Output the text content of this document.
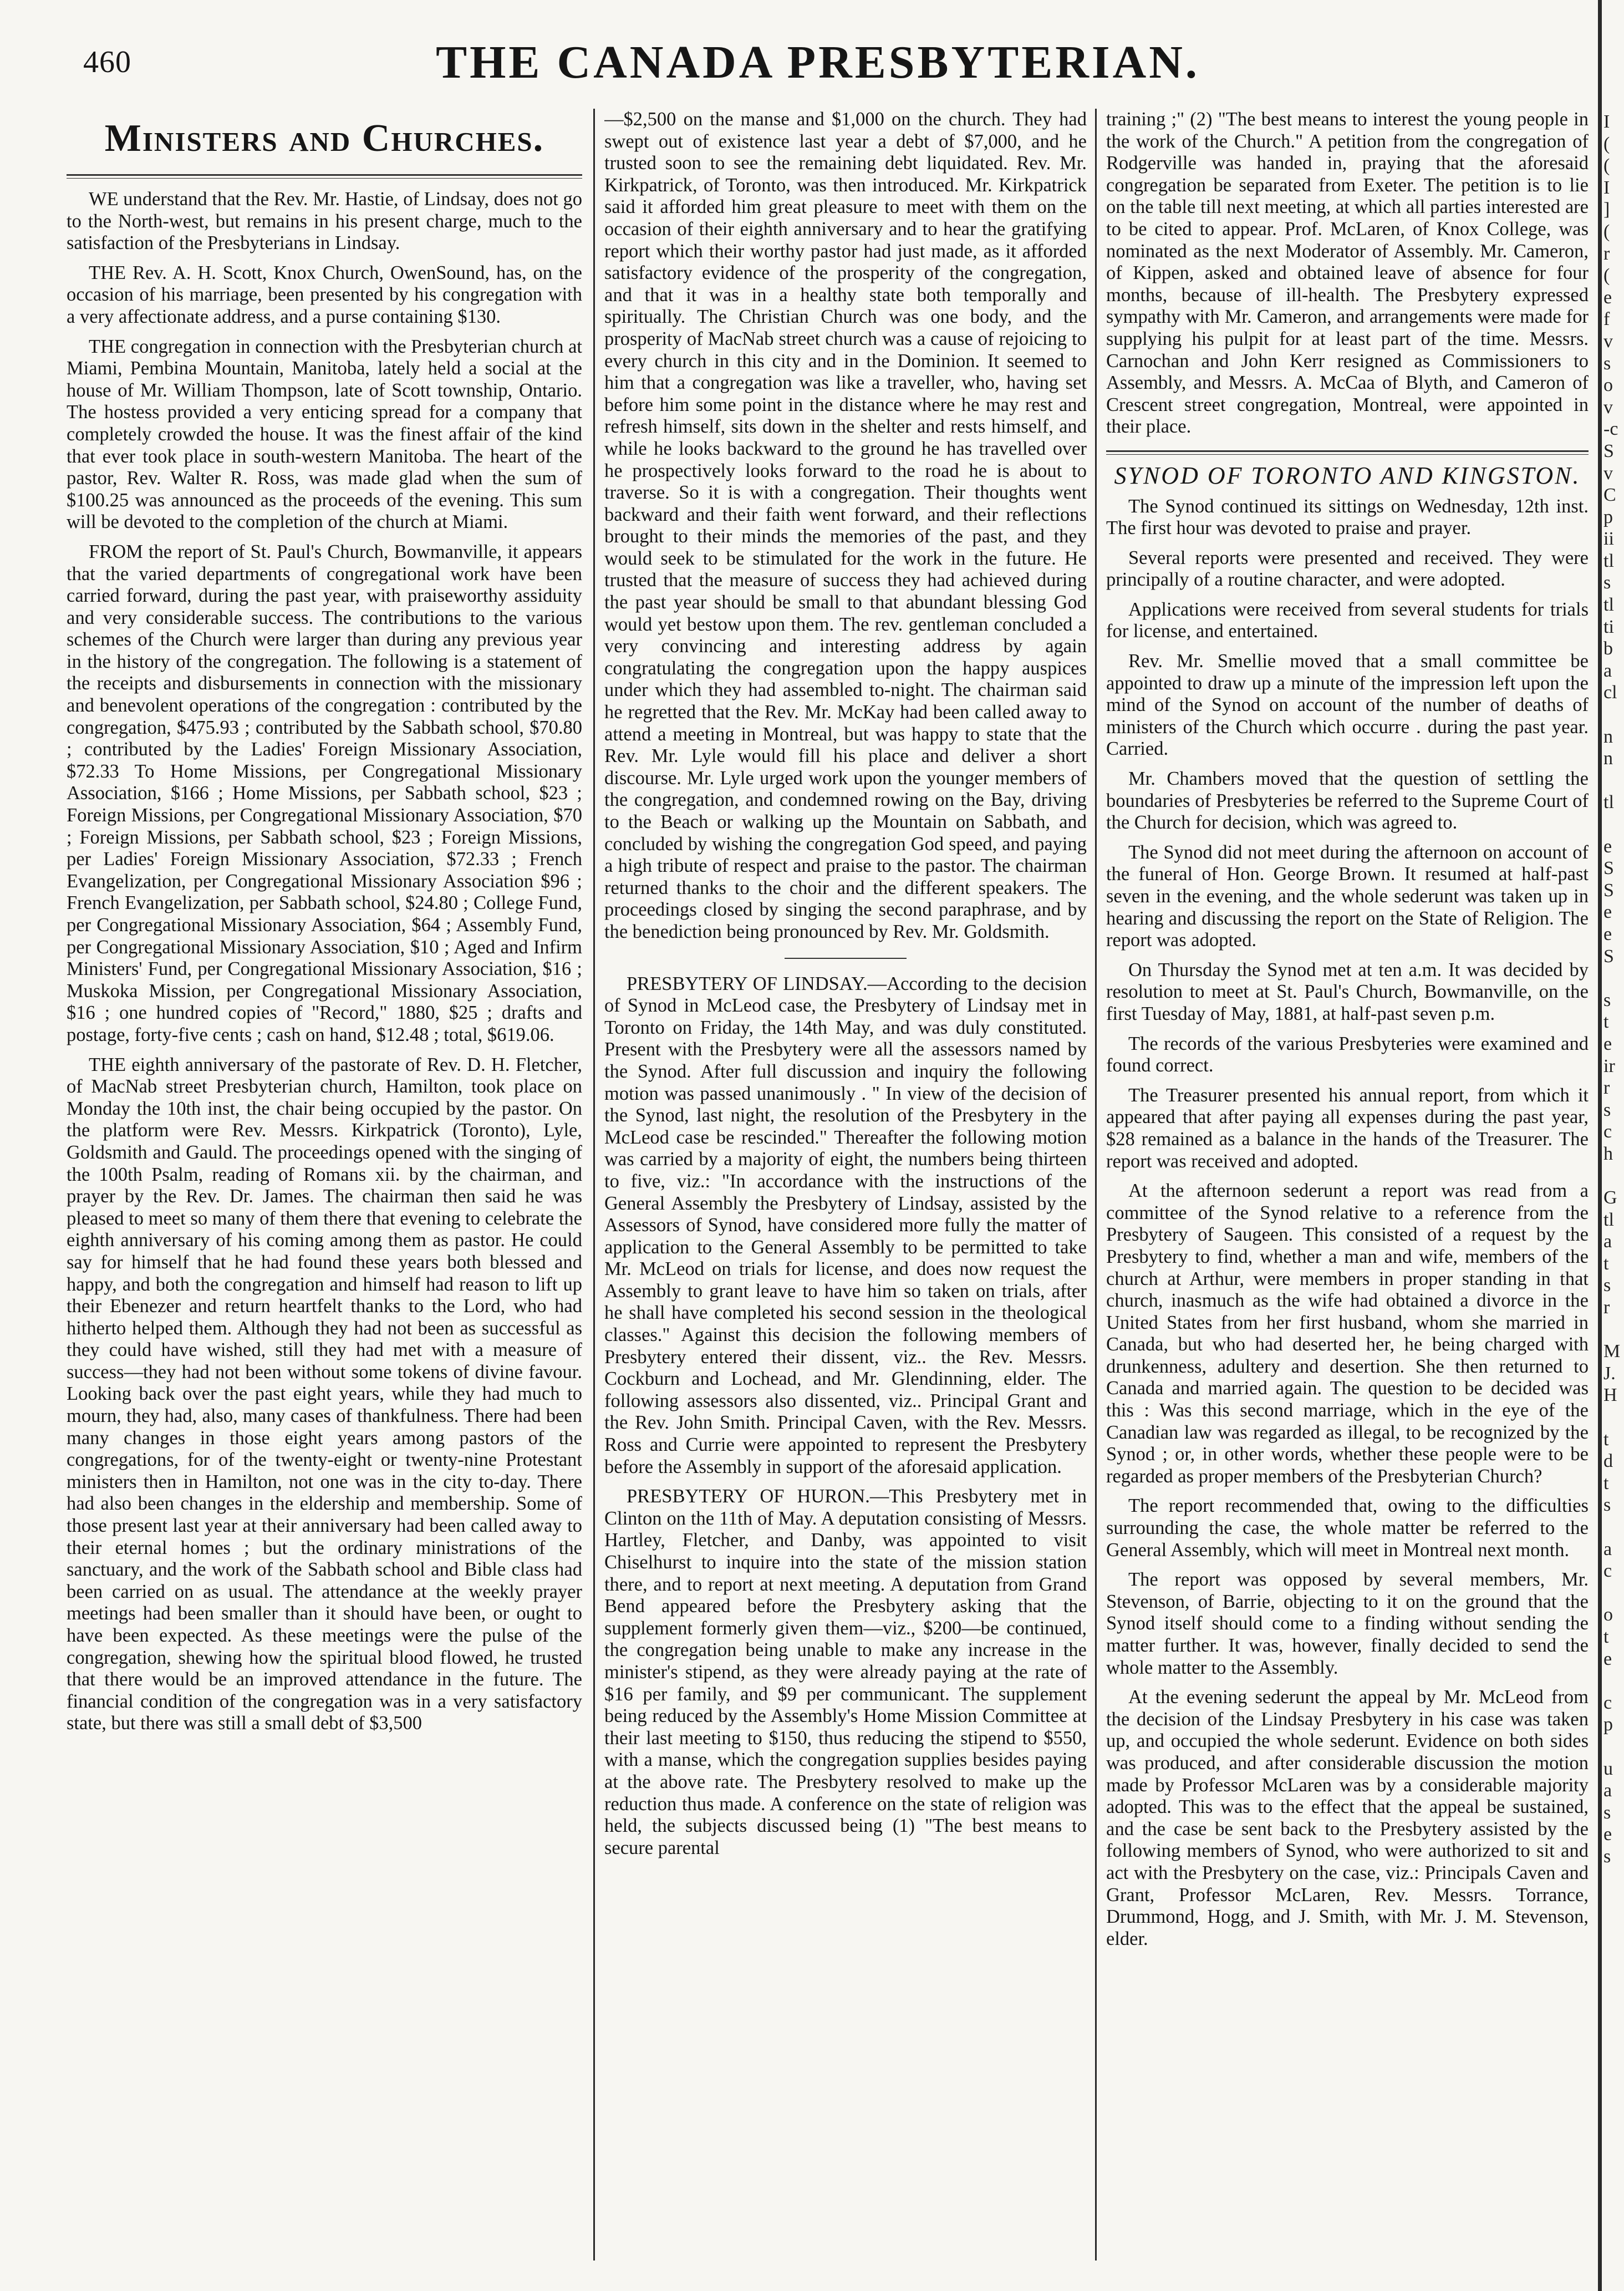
460	THE CANADA PRESBYTERIAN.
Ministers and Churches.

WE understand that the Rev. Mr. Hastie, of Lindsay, does not go to the North-west, but remains in his present charge, much to the satisfaction of the Presbyterians in Lindsay.

THE Rev. A. H. Scott, Knox Church, OwenSound, has, on the occasion of his marriage, been presented by his congregation with a very affectionate address, and a purse containing $130.

THE congregation in connection with the Presbyterian church at Miami, Pembina Mountain, Manitoba, lately held a social at the house of Mr. William Thompson, late of Scott township, Ontario. The hostess provided a very enticing spread for a company that completely crowded the house. It was the finest affair of the kind that ever took place in south-western Manitoba. The heart of the pastor, Rev. Walter R. Ross, was made glad when the sum of $100.25 was announced as the proceeds of the evening. This sum will be devoted to the completion of the church at Miami.

FROM the report of St. Paul's Church, Bowmanville, it appears that the varied departments of congregational work have been carried forward, during the past year, with praiseworthy assiduity and very considerable success. The contributions to the various schemes of the Church were larger than during any previous year in the history of the congregation. The following is a statement of the receipts and disbursements in connection with the missionary and benevolent operations of the congregation : contributed by the congregation, $475.93 ; contributed by the Sabbath school, $70.80 ; contributed by the Ladies' Foreign Missionary Association, $72.33 To Home Missions, per Congregational Missionary Association, $166 ; Home Missions, per Sabbath school, $23 ; Foreign Missions, per Congregational Missionary Association, $70 ; Foreign Missions, per Sabbath school, $23 ; Foreign Missions, per Ladies' Foreign Missionary Association, $72.33 ; French Evangelization, per Congregational Missionary Association $96 ; French Evangelization, per Sabbath school, $24.80 ; College Fund, per Congregational Missionary Association, $64 ; Assembly Fund, per Congregational Missionary Association, $10 ; Aged and Infirm Ministers' Fund, per Congregational Missionary Association, $16 ; Muskoka Mission, per Congregational Missionary Association, $16 ; one hundred copies of "Record," 1880, $25 ; drafts and postage, forty-five cents ; cash on hand, $12.48 ; total, $619.06.

THE eighth anniversary of the pastorate of Rev. D. H. Fletcher, of MacNab street Presbyterian church, Hamilton, took place on Monday the 10th inst, the chair being occupied by the pastor. On the platform were Rev. Messrs. Kirkpatrick (Toronto), Lyle, Goldsmith and Gauld. The proceedings opened with the singing of the 100th Psalm, reading of Romans xii. by the chairman, and prayer by the Rev. Dr. James. The chairman then said he was pleased to meet so many of them there that evening to celebrate the eighth anniversary of his coming among them as pastor. He could say for himself that he had found these years both blessed and happy, and both the congregation and himself had reason to lift up their Ebenezer and return heartfelt thanks to the Lord, who had hitherto helped them. Although they had not been as successful as they could have wished, still they had met with a measure of success—they had not been without some tokens of divine favour. Looking back over the past eight years, while they had much to mourn, they had, also, many cases of thankfulness. There had been many changes in those eight years among pastors of the congregations, for of the twenty-eight or twenty-nine Protestant ministers then in Hamilton, not one was in the city to-day. There had also been changes in the eldership and membership. Some of those present last year at their anniversary had been called away to their eternal homes ; but the ordinary ministrations of the sanctuary, and the work of the Sabbath school and Bible class had been carried on as usual. The attendance at the weekly prayer meetings had been smaller than it should have been, or ought to have been expected. As these meetings were the pulse of the congregation, shewing how the spiritual blood flowed, he trusted that there would be an improved attendance in the future. The financial condition of the congregation was in a very satisfactory state, but there was still a small debt of $3,500

—$2,500 on the manse and $1,000 on the church. They had swept out of existence last year a debt of $7,000, and he trusted soon to see the remaining debt liquidated. Rev. Mr. Kirkpatrick, of Toronto, was then introduced. Mr. Kirkpatrick said it afforded him great pleasure to meet with them on the occasion of their eighth anniversary and to hear the gratifying report which their worthy pastor had just made, as it afforded satisfactory evidence of the prosperity of the congregation, and that it was in a healthy state both temporally and spiritually. The Christian Church was one body, and the prosperity of MacNab street church was a cause of rejoicing to every church in this city and in the Dominion. It seemed to him that a congregation was like a traveller, who, having set before him some point in the distance where he may rest and refresh himself, sits down in the shelter and rests himself, and while he looks backward to the ground he has travelled over he prospectively looks forward to the road he is about to traverse. So it is with a congregation. Their thoughts went backward and their faith went forward, and their reflections brought to their minds the memories of the past, and they would seek to be stimulated for the work in the future. He trusted that the measure of success they had achieved during the past year should be small to that abundant blessing God would yet bestow upon them. The rev. gentleman concluded a very convincing and interesting address by again congratulating the congregation upon the happy auspices under which they had assembled to-night. The chairman said he regretted that the Rev. Mr. McKay had been called away to attend a meeting in Montreal, but was happy to state that the Rev. Mr. Lyle would fill his place and deliver a short discourse. Mr. Lyle urged work upon the younger members of the congregation, and condemned rowing on the Bay, driving to the Beach or walking up the Mountain on Sabbath, and concluded by wishing the congregation God speed, and paying a high tribute of respect and praise to the pastor. The chairman returned thanks to the choir and the different speakers. The proceedings closed by singing the second paraphrase, and by the benediction being pronounced by Rev. Mr. Goldsmith.

PRESBYTERY OF LINDSAY.—According to the decision of Synod in McLeod case, the Presbytery of Lindsay met in Toronto on Friday, the 14th May, and was duly constituted. Present with the Presbytery were all the assessors named by the Synod. After full discussion and inquiry the following motion was passed unanimously . " In view of the decision of the Synod, last night, the resolution of the Presbytery in the McLeod case be rescinded." Thereafter the following motion was carried by a majority of eight, the numbers being thirteen to five, viz.: "In accordance with the instructions of the General Assembly the Presbytery of Lindsay, assisted by the Assessors of Synod, have considered more fully the matter of application to the General Assembly to be permitted to take Mr. McLeod on trials for license, and does now request the Assembly to grant leave to have him so taken on trials, after he shall have completed his second session in the theological classes." Against this decision the following members of Presbytery entered their dissent, viz.. the Rev. Messrs. Cockburn and Lochead, and Mr. Glendinning, elder. The following assessors also dissented, viz.. Principal Grant and the Rev. John Smith. Principal Caven, with the Rev. Messrs. Ross and Currie were appointed to represent the Presbytery before the Assembly in support of the aforesaid application.

PRESBYTERY OF HURON.—This Presbytery met in Clinton on the 11th of May. A deputation consisting of Messrs. Hartley, Fletcher, and Danby, was appointed to visit Chiselhurst to inquire into the state of the mission station there, and to report at next meeting. A deputation from Grand Bend appeared before the Presbytery asking that the supplement formerly given them—viz., $200—be continued, the congregation being unable to make any increase in the minister's stipend, as they were already paying at the rate of $16 per family, and $9 per communicant. The supplement being reduced by the Assembly's Home Mission Committee at their last meeting to $150, thus reducing the stipend to $550, with a manse, which the congregation supplies besides paying at the above rate. The Presbytery resolved to make up the reduction thus made. A conference on the state of religion was held, the subjects discussed being (1) "The best means to secure parental

training ;" (2) "The best means to interest the young people in the work of the Church." A petition from the congregation of Rodgerville was handed in, praying that the aforesaid congregation be separated from Exeter. The petition is to lie on the table till next meeting, at which all parties interested are to be cited to appear. Prof. McLaren, of Knox College, was nominated as the next Moderator of Assembly. Mr. Cameron, of Kippen, asked and obtained leave of absence for four months, because of ill-health. The Presbytery expressed sympathy with Mr. Cameron, and arrangements were made for supplying his pulpit for at least part of the time. Messrs. Carnochan and John Kerr resigned as Commissioners to Assembly, and Messrs. A. McCaa of Blyth, and Cameron of Crescent street congregation, Montreal, were appointed in their place.

SYNOD OF TORONTO AND KINGSTON.

The Synod continued its sittings on Wednesday, 12th inst. The first hour was devoted to praise and prayer.

Several reports were presented and received. They were principally of a routine character, and were adopted.

Applications were received from several students for trials for license, and entertained.

Rev. Mr. Smellie moved that a small committee be appointed to draw up a minute of the impression left upon the mind of the Synod on account of the number of deaths of ministers of the Church which occurre . during the past year. Carried.

Mr. Chambers moved that the question of settling the boundaries of Presbyteries be referred to the Supreme Court of the Church for decision, which was agreed to.

The Synod did not meet during the afternoon on account of the funeral of Hon. George Brown. It resumed at half-past seven in the evening, and the whole sederunt was taken up in hearing and discussing the report on the State of Religion. The report was adopted.

On Thursday the Synod met at ten a.m. It was decided by resolution to meet at St. Paul's Church, Bowmanville, on the first Tuesday of May, 1881, at half-past seven p.m.

The records of the various Presbyteries were examined and found correct.

The Treasurer presented his annual report, from which it appeared that after paying all expenses during the past year, $28 remained as a balance in the hands of the Treasurer. The report was received and adopted.

At the afternoon sederunt a report was read from a committee of the Synod relative to a reference from the Presbytery of Saugeen. This consisted of a request by the Presbytery to find, whether a man and wife, members of the church at Arthur, were members in proper standing in that church, inasmuch as the wife had obtained a divorce in the United States from her first husband, whom she married in Canada, but who had deserted her, he being charged with drunkenness, adultery and desertion. She then returned to Canada and married again. The question to be decided was this : Was this second marriage, which in the eye of the Canadian law was regarded as illegal, to be recognized by the Synod ; or, in other words, whether these people were to be regarded as proper members of the Presbyterian Church?

The report recommended that, owing to the difficulties surrounding the case, the whole matter be referred to the General Assembly, which will meet in Montreal next month.

The report was opposed by several members, Mr. Stevenson, of Barrie, objecting to it on the ground that the Synod itself should come to a finding without sending the matter further. It was, however, finally decided to send the whole matter to the Assembly.

At the evening sederunt the appeal by Mr. McLeod from the decision of the Lindsay Presbytery in his case was taken up, and occupied the whole sederunt. Evidence on both sides was produced, and after considerable discussion the motion made by Professor McLaren was by a considerable majority adopted. This was to the effect that the appeal be sustained, and the case be sent back to the Presbytery assisted by the following members of Synod, who were authorized to sit and act with the Presbytery on the case, viz.: Principals Caven and Grant, Professor McLaren, Rev. Messrs. Torrance, Drummond, Hogg, and J. Smith, with Mr. J. M. Stevenson, elder.

I
(
(
I
]
(
r
(
e
f
v
s
o
v
-c
S
v
C
p
ii
tl
s
tl
ti
b
a
cl
n
n
tl
e
S
S
e
e
S
s
t
e
ir
r
s
c
h
G
tl
a
t
s
r
M
J.
H
t
d
t
s
a
c
o
t
e
c
p
u
a
s
e
s
